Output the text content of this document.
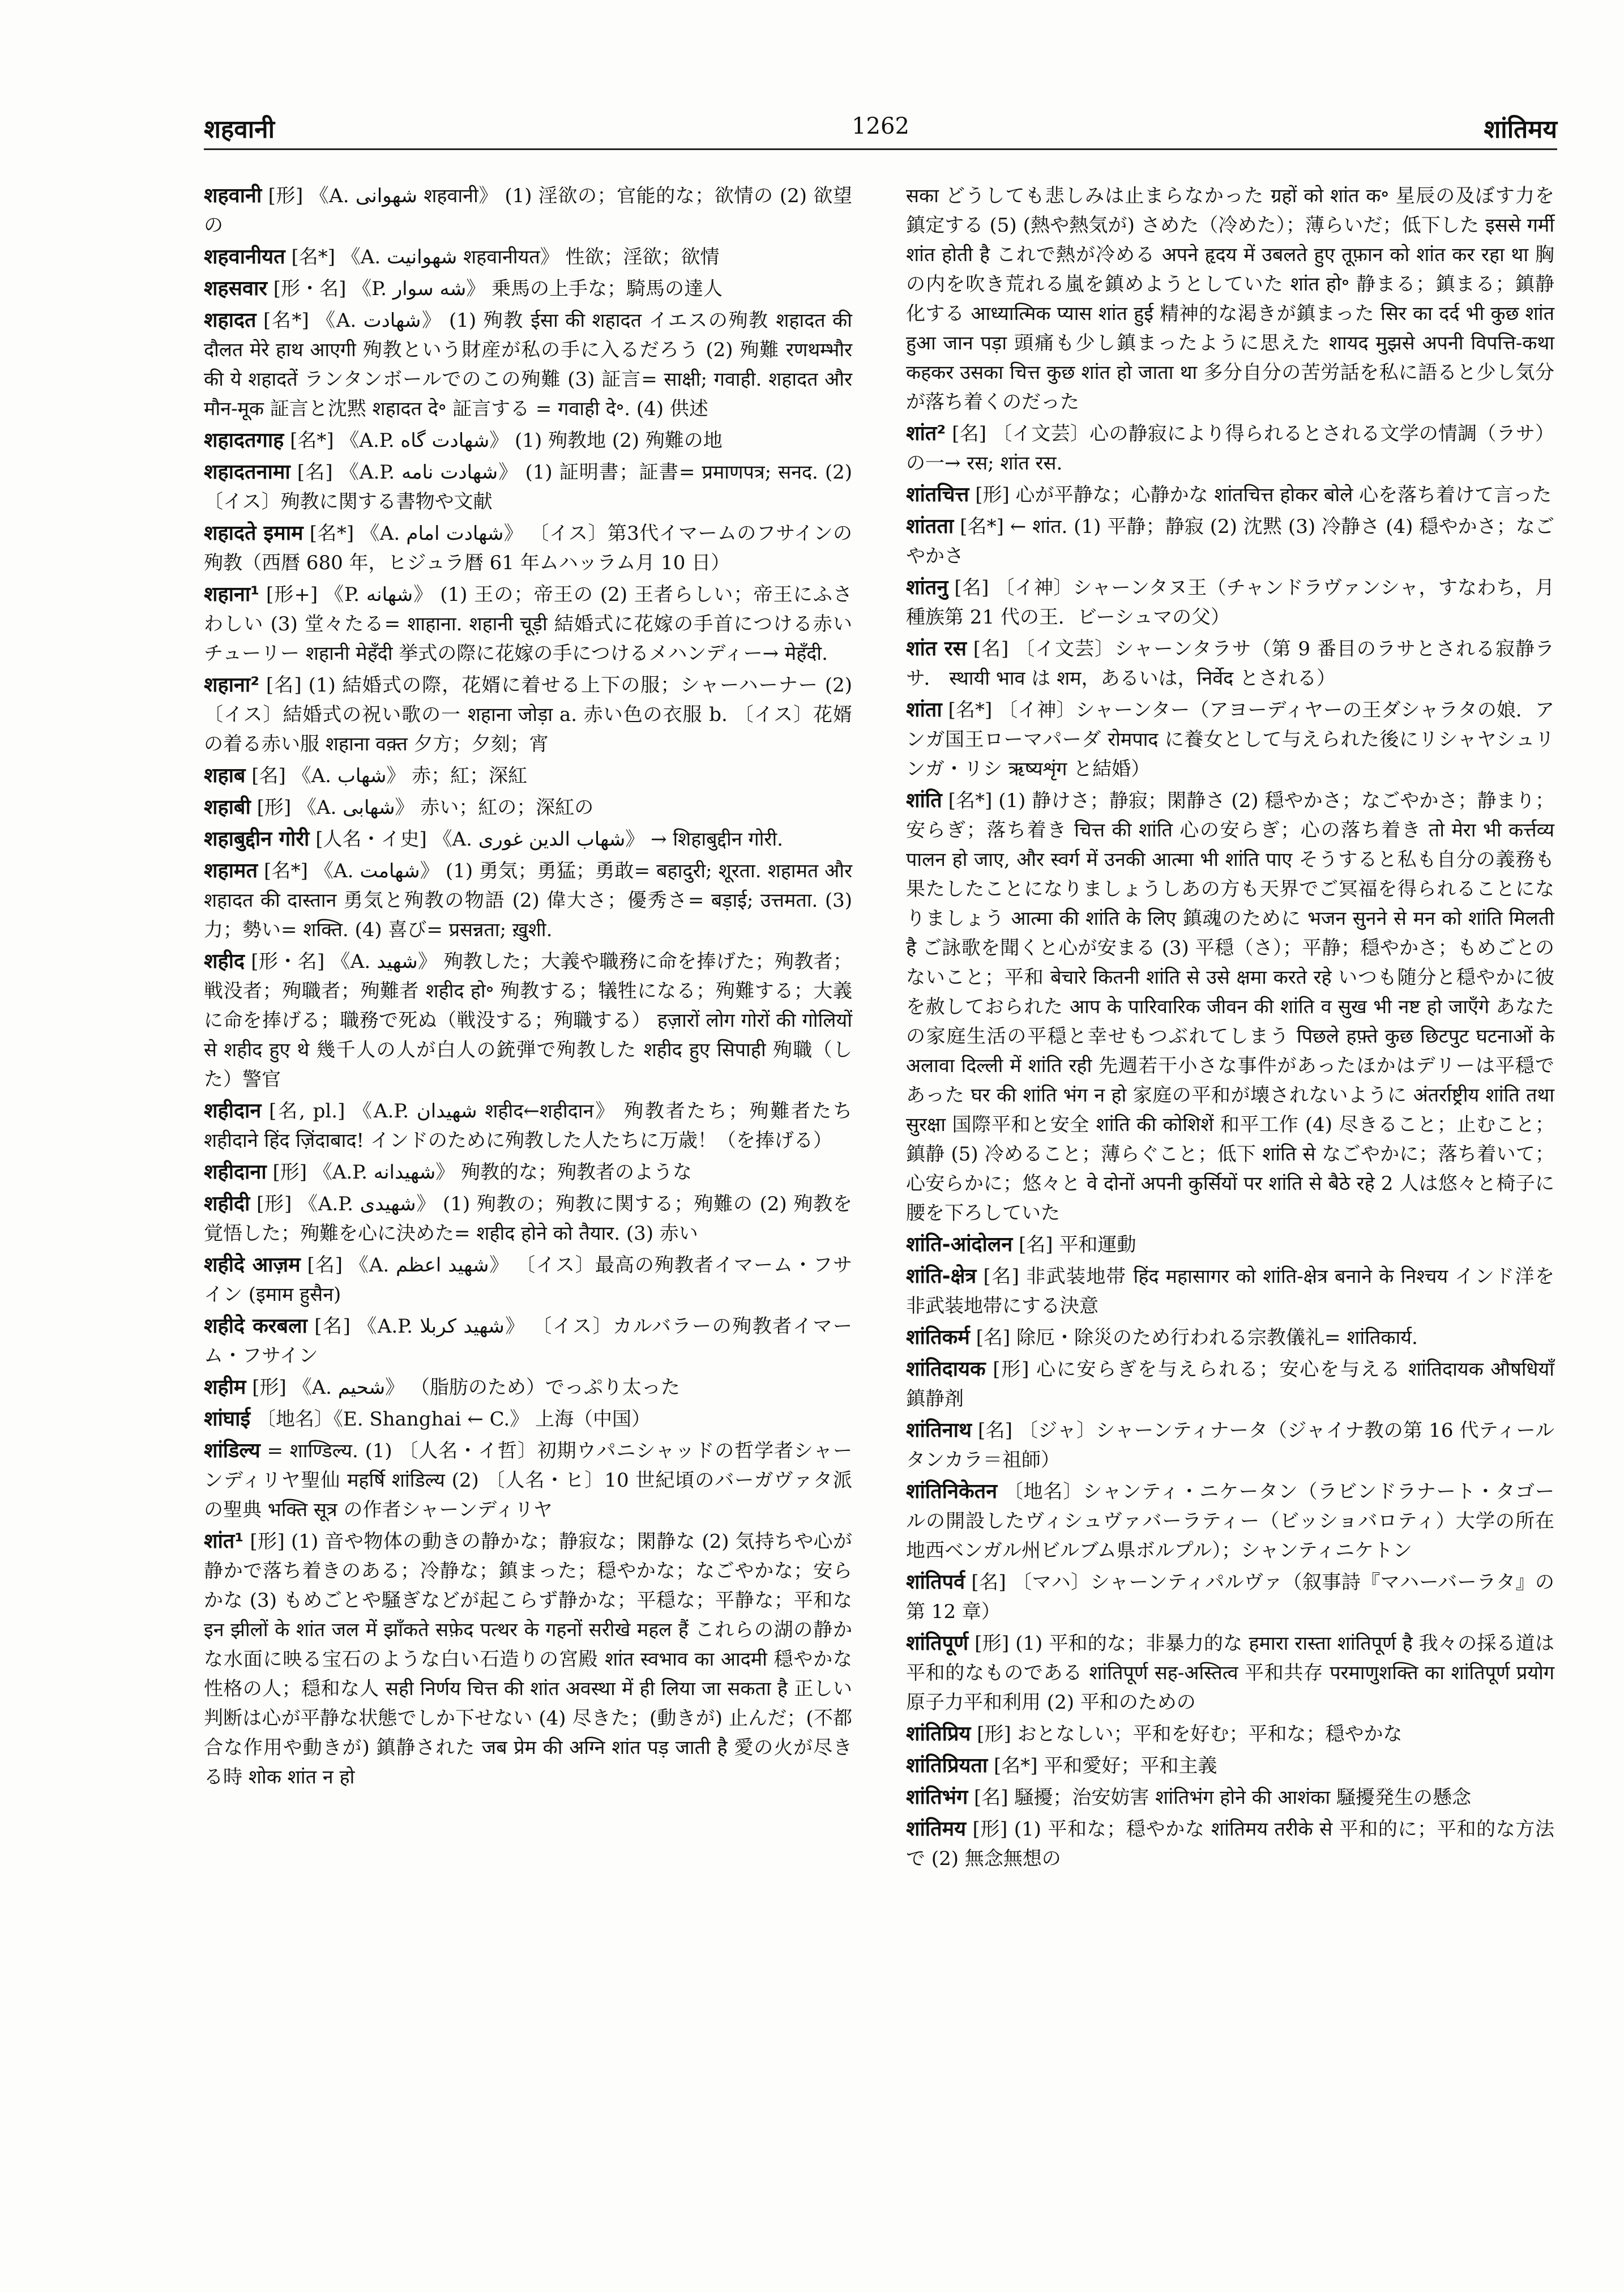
शहवानी	1262	शांतिमय

शहवानी [形] 《A. شهوانی शहवानी》 (1) 淫欲の；官能的な；欲情の (2) 欲望の

शहवानीयत [名*] 《A. شهوانیت शहवानीयत》 性欲；淫欲；欲情

शहसवार [形・名] 《P. شه سوار》 乗馬の上手な；騎馬の達人

शहादत [名*] 《A. شهادت》 (1) 殉教 ईसा की शहादत イエスの殉教 शहादत की दौलत मेरे हाथ आएगी 殉教という財産が私の手に入るだろう (2) 殉難 रणथम्भौर की ये शहादतें ランタンボールでのこの殉難 (3) 証言= साक्षी; गवाही. शहादत और मौन-मूक 証言と沈黙 शहादत दे॰ 証言する = गवाही दे॰. (4) 供述

शहादतगाह [名*] 《A.P. شهادت گاه》 (1) 殉教地 (2) 殉難の地

शहादतनामा [名] 《A.P. شهادت نامه》 (1) 証明書；証書= प्रमाणपत्र; सनद. (2) 〔イス〕殉教に関する書物や文献

शहादते इमाम [名*] 《A. شهادت امام》 〔イス〕第3代イマームのフサインの殉教（西暦 680 年，ヒジュラ暦 61 年ムハッラム月 10 日）

शहाना¹ [形+] 《P. شهانه》 (1) 王の；帝王の (2) 王者らしい；帝王にふさわしい (3) 堂々たる= शाहाना. शहानी चूड़ी 結婚式に花嫁の手首につける赤いチューリー शहानी मेहँदी 挙式の際に花嫁の手につけるメハンディー→ मेहँदी.

शहाना² [名] (1) 結婚式の際，花婿に着せる上下の服；シャーハーナー (2) 〔イス〕結婚式の祝い歌の一 शहाना जोड़ा a. 赤い色の衣服 b. 〔イス〕花婿の着る赤い服 शहाना वक़्त 夕方；夕刻；宵

शहाब [名] 《A. شهاب》 赤；紅；深紅

शहाबी [形] 《A. شهابی》 赤い；紅の；深紅の

शहाबुद्दीन गोरी [人名・イ史] 《A. شهاب الدین غوری》 → शिहाबुद्दीन गोरी.

शहामत [名*] 《A. شهامت》 (1) 勇気；勇猛；勇敢= बहादुरी; शूरता. शहामत और शहादत की दास्तान 勇気と殉教の物語 (2) 偉大さ；優秀さ= बड़ाई; उत्तमता. (3) 力；勢い= शक्ति. (4) 喜び= प्रसन्नता; ख़ुशी.

शहीद [形・名] 《A. شهید》 殉教した；大義や職務に命を捧げた；殉教者；戦没者；殉職者；殉難者 शहीद हो॰ 殉教する；犠牲になる；殉難する；大義に命を捧げる；職務で死ぬ（戦没する；殉職する） हज़ारों लोग गोरों की गोलियों से शहीद हुए थे 幾千人の人が白人の銃弾で殉教した शहीद हुए सिपाही 殉職（した）警官

शहीदान [名, pl.] 《A.P. شهیدان शहीद←शहीदान》 殉教者たち；殉難者たち शहीदाने हिंद ज़िंदाबाद! インドのために殉教した人たちに万歳！（を捧げる）

शहीदाना [形] 《A.P. شهیدانه》 殉教的な；殉教者のような

शहीदी [形] 《A.P. شهیدی》 (1) 殉教の；殉教に関する；殉難の (2) 殉教を覚悟した；殉難を心に決めた= शहीद होने को तैयार. (3) 赤い

शहीदे आज़म [名] 《A. شهید اعظم》 〔イス〕最高の殉教者イマーム・フサイン (इमाम हुसैन)

शहीदे करबला [名] 《A.P. شهید کربلا》 〔イス〕カルバラーの殉教者イマーム・フサイン

शहीम [形] 《A. شحیم》 （脂肪のため）でっぷり太った

शांघाई 〔地名〕《E. Shanghai ← C.》 上海（中国）

शांडिल्य = शाण्डिल्य. (1) 〔人名・イ哲〕初期ウパニシャッドの哲学者シャーンディリヤ聖仙 महर्षि शांडिल्य (2) 〔人名・ヒ〕10 世紀頃のバーガヴァタ派の聖典 भक्ति सूत्र の作者シャーンディリヤ

शांत¹ [形] (1) 音や物体の動きの静かな；静寂な；閑静な (2) 気持ちや心が静かで落ち着きのある；冷静な；鎮まった；穏やかな；なごやかな；安らかな (3) もめごとや騒ぎなどが起こらず静かな；平穏な；平静な；平和な इन झीलों के शांत जल में झाँकते सफ़ेद पत्थर के गहनों सरीखे महल हैं これらの湖の静かな水面に映る宝石のような白い石造りの宮殿 शांत स्वभाव का आदमी 穏やかな性格の人；穏和な人 सही निर्णय चित्त की शांत अवस्था में ही लिया जा सकता है 正しい判断は心が平静な状態でしか下せない (4) 尽きた；(動きが) 止んだ；(不都合な作用や動きが) 鎮静された जब प्रेम की अग्नि शांत पड़ जाती है 愛の火が尽きる時 शोक शांत न हो

सका どうしても悲しみは止まらなかった ग्रहों को शांत क॰ 星辰の及ぼす力を鎮定する (5) (熱や熱気が) さめた（冷めた）；薄らいだ；低下した इससे गर्मी शांत होती है これで熱が冷める अपने हृदय में उबलते हुए तूफ़ान को शांत कर रहा था 胸の内を吹き荒れる嵐を鎮めようとしていた शांत हो॰ 静まる；鎮まる；鎮静化する आध्यात्मिक प्यास शांत हुई 精神的な渇きが鎮まった सिर का दर्द भी कुछ शांत हुआ जान पड़ा 頭痛も少し鎮まったように思えた शायद मुझसे अपनी विपत्ति-कथा कहकर उसका चित्त कुछ शांत हो जाता था 多分自分の苦労話を私に語ると少し気分が落ち着くのだった

शांत² [名] 〔イ文芸〕心の静寂により得られるとされる文学の情調（ラサ）の一→ रस; शांत रस.

शांतचित्त [形] 心が平静な；心静かな शांतचित्त होकर बोले 心を落ち着けて言った

शांतता [名*] ← शांत. (1) 平静；静寂 (2) 沈黙 (3) 冷静さ (4) 穏やかさ；なごやかさ

शांतनु [名] 〔イ神〕シャーンタヌ王（チャンドラヴァンシャ，すなわち，月種族第 21 代の王．ビーシュマの父）

शांत रस [名] 〔イ文芸〕シャーンタラサ（第 9 番目のラサとされる寂静ラサ． स्थायी भाव は शम，あるいは，निर्वेद とされる）

शांता [名*] 〔イ神〕シャーンター（アヨーディヤーの王ダシャラタの娘．アンガ国王ローマパーダ रोमपाद に養女として与えられた後にリシャヤシュリンガ・リシ ऋष्यशृंग と結婚）

शांति [名*] (1) 静けさ；静寂；閑静さ (2) 穏やかさ；なごやかさ；静まり；安らぎ；落ち着き चित्त की शांति 心の安らぎ；心の落ち着き तो मेरा भी कर्त्तव्य पालन हो जाए, और स्वर्ग में उनकी आत्मा भी शांति पाए そうすると私も自分の義務も果たしたことになりましょうしあの方も天界でご冥福を得られることになりましょう आत्मा की शांति के लिए 鎮魂のために भजन सुनने से मन को शांति मिलती है ご詠歌を聞くと心が安まる (3) 平穏（さ）；平静；穏やかさ；もめごとのないこと；平和 बेचारे कितनी शांति से उसे क्षमा करते रहे いつも随分と穏やかに彼を赦しておられた आप के पारिवारिक जीवन की शांति व सुख भी नष्ट हो जाएँगे あなたの家庭生活の平穏と幸せもつぶれてしまう पिछले हफ़्ते कुछ छिटपुट घटनाओं के अलावा दिल्ली में शांति रही 先週若干小さな事件があったほかはデリーは平穏であった घर की शांति भंग न हो 家庭の平和が壊されないように अंतर्राष्ट्रीय शांति तथा सुरक्षा 国際平和と安全 शांति की कोशिशें 和平工作 (4) 尽きること；止むこと；鎮静 (5) 冷めること；薄らぐこと；低下 शांति से なごやかに；落ち着いて；心安らかに；悠々と वे दोनों अपनी कुर्सियों पर शांति से बैठे रहे 2 人は悠々と椅子に腰を下ろしていた

शांति-आंदोलन [名] 平和運動

शांति-क्षेत्र [名] 非武装地帯 हिंद महासागर को शांति-क्षेत्र बनाने के निश्चय インド洋を非武装地帯にする決意

शांतिकर्म [名] 除厄・除災のため行われる宗教儀礼= शांतिकार्य.

शांतिदायक [形] 心に安らぎを与えられる；安心を与える शांतिदायक औषधियाँ 鎮静剤

शांतिनाथ [名] 〔ジャ〕シャーンティナータ（ジャイナ教の第 16 代ティールタンカラ＝祖師）

शांतिनिकेतन 〔地名〕シャンティ・ニケータン（ラビンドラナート・タゴールの開設したヴィシュヴァバーラティー（ビッショバロティ）大学の所在地西ベンガル州ビルブム県ボルプル）；シャンティニケトン

शांतिपर्व [名] 〔マハ〕シャーンティパルヴァ（叙事詩『マハーバーラタ』の第 12 章）

शांतिपूर्ण [形] (1) 平和的な；非暴力的な हमारा रास्ता शांतिपूर्ण है 我々の採る道は平和的なものである शांतिपूर्ण सह-अस्तित्व 平和共存 परमाणुशक्ति का शांतिपूर्ण प्रयोग 原子力平和利用 (2) 平和のための

शांतिप्रिय [形] おとなしい；平和を好む；平和な；穏やかな

शांतिप्रियता [名*] 平和愛好；平和主義

शांतिभंग [名] 騒擾；治安妨害 शांतिभंग होने की आशंका 騒擾発生の懸念

शांतिमय [形] (1) 平和な；穏やかな शांतिमय तरीके से 平和的に；平和的な方法で (2) 無念無想の
